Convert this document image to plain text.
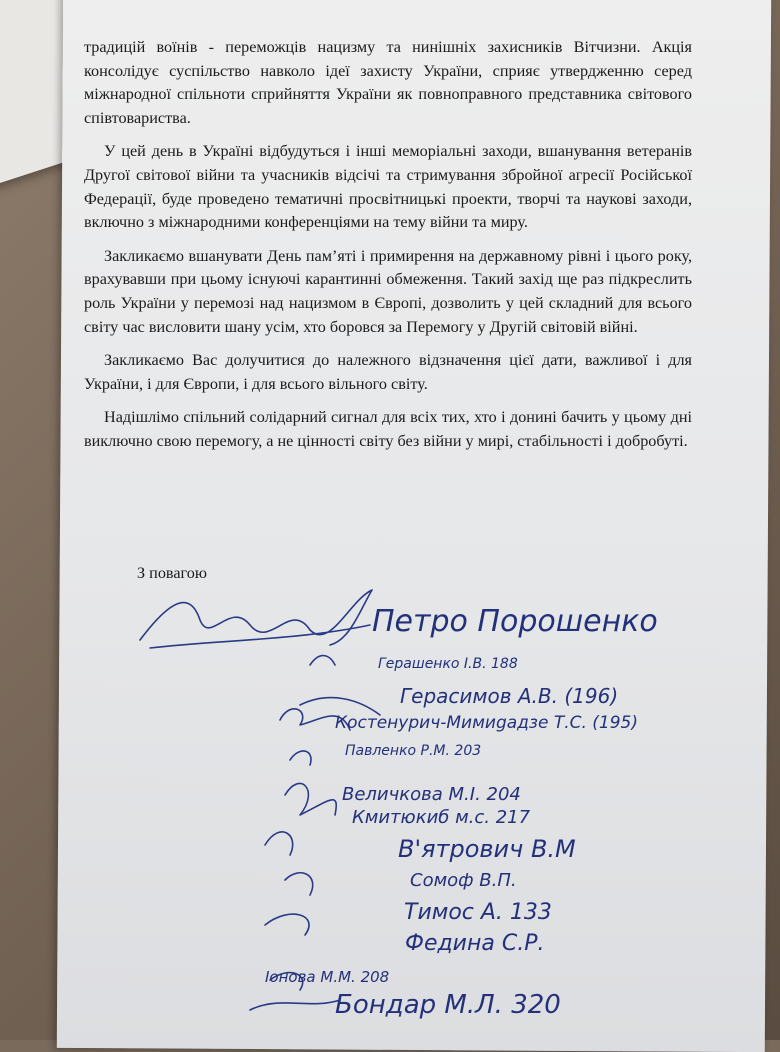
традицій воїнів - переможців нацизму та нинішніх захисників Вітчизни. Акція консолідує суспільство навколо ідеї захисту України, сприяє утвердженню серед міжнародної спільноти сприйняття України як повноправного представника світового співтовариства.

У цей день в Україні відбудуться і інші меморіальні заходи, вшанування ветеранів Другої світової війни та учасників відсічі та стримування збройної агресії Російської Федерації, буде проведено тематичні просвітницькі проекти, творчі та наукові заходи, включно з міжнародними конференціями на тему війни та миру.

Закликаємо вшанувати День пам’яті і примирення на державному рівні і цього року, врахувавши при цьому існуючі карантинні обмеження. Такий захід ще раз підкреслить роль України у перемозі над нацизмом в Європі, дозволить у цей складний для всього світу час висловити шану усім, хто боровся за Перемогу у Другій світовій війні.

Закликаємо Вас долучитися до належного відзначення цієї дати, важливої і для України, і для Європи, і для всього вільного світу.

Надішлімо спільний солідарний сигнал для всіх тих, хто і донині бачить у цьому дні виключно свою перемогу, а не цінності світу без війни у мирі, стабільності і добробуті.

З повагою
Петро Порошенко
Герашенко І.В. 188
Герасимов А.В. (196)
Костенурич-Мимиgaдзе Т.С. (195)
Павленко Р.М. 203
Величкова М.І. 204
Кмитюкиб м.с. 217
В'ятрович В.М
Сомоф В.П.
Тимос А. 133
Федина С.Р.
Іонова М.М. 208
Бондар М.Л. 320
